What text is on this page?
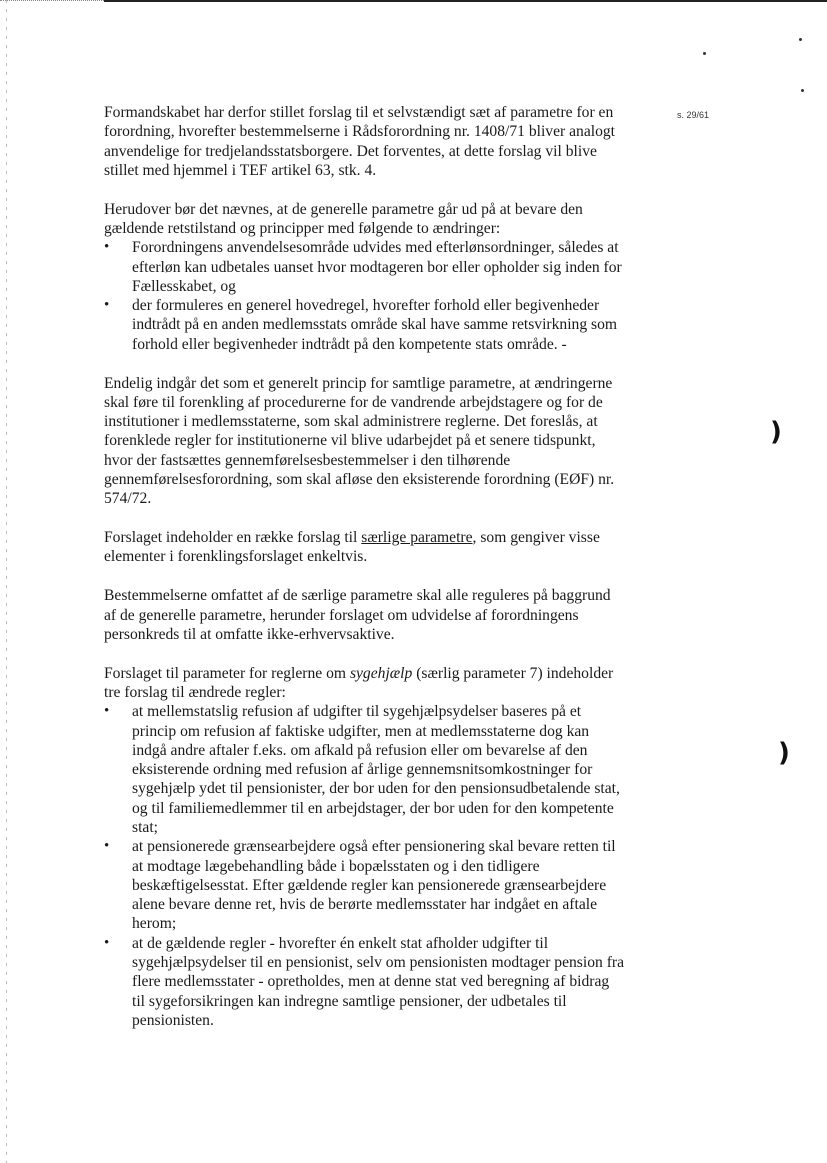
s. 29/61
)
)

Formandskabet har derfor stillet forslag til et selvstændigt sæt af parametre for en forordning, hvorefter bestemmelserne i Rådsforordning nr. 1408/71 bliver analogt anvendelige for tredjelandsstatsborgere. Det forventes, at dette forslag vil blive stillet med hjemmel i TEF artikel 63, stk. 4.

Herudover bør det nævnes, at de generelle parametre går ud på at bevare den gældende retstilstand og principper med følgende to ændringer:

• Forordningens anvendelsesområde udvides med efterlønsordninger, således at efterløn kan udbetales uanset hvor modtageren bor eller opholder sig inden for Fællesskabet, og
• der formuleres en generel hovedregel, hvorefter forhold eller begivenheder indtrådt på en anden medlemsstats område skal have samme retsvirkning som forhold eller begivenheder indtrådt på den kompetente stats område. -

Endelig indgår det som et generelt princip for samtlige parametre, at ændringerne skal føre til forenkling af procedurerne for de vandrende arbejdstagere og for de institutioner i medlemsstaterne, som skal administrere reglerne. Det foreslås, at forenklede regler for institutionerne vil blive udarbejdet på et senere tidspunkt, hvor der fastsættes gennemførelsesbestemmelser i den tilhørende gennemførelsesforordning, som skal afløse den eksisterende forordning (EØF) nr. 574/72.

Forslaget indeholder en række forslag til særlige parametre, som gengiver visse elementer i forenklingsforslaget enkeltvis.

Bestemmelserne omfattet af de særlige parametre skal alle reguleres på baggrund af de generelle parametre, herunder forslaget om udvidelse af forordningens personkreds til at omfatte ikke-erhvervsaktive.

Forslaget til parameter for reglerne om sygehjælp (særlig parameter 7) indeholder tre forslag til ændrede regler:

• at mellemstatslig refusion af udgifter til sygehjælpsydelser baseres på et princip om refusion af faktiske udgifter, men at medlemsstaterne dog kan indgå andre aftaler f.eks. om afkald på refusion eller om bevarelse af den eksisterende ordning med refusion af årlige gennemsnitsomkostninger for sygehjælp ydet til pensionister, der bor uden for den pensionsudbetalende stat, og til familiemedlemmer til en arbejdstager, der bor uden for den kompetente stat;
• at pensionerede grænsearbejdere også efter pensionering skal bevare retten til at modtage lægebehandling både i bopælsstaten og i den tidligere beskæftigelsesstat. Efter gældende regler kan pensionerede grænsearbejdere alene bevare denne ret, hvis de berørte medlemsstater har indgået en aftale herom;
• at de gældende regler - hvorefter én enkelt stat afholder udgifter til sygehjælpsydelser til en pensionist, selv om pensionisten modtager pension fra flere medlemsstater - opretholdes, men at denne stat ved beregning af bidrag til sygeforsikringen kan indregne samtlige pensioner, der udbetales til pensionisten.
